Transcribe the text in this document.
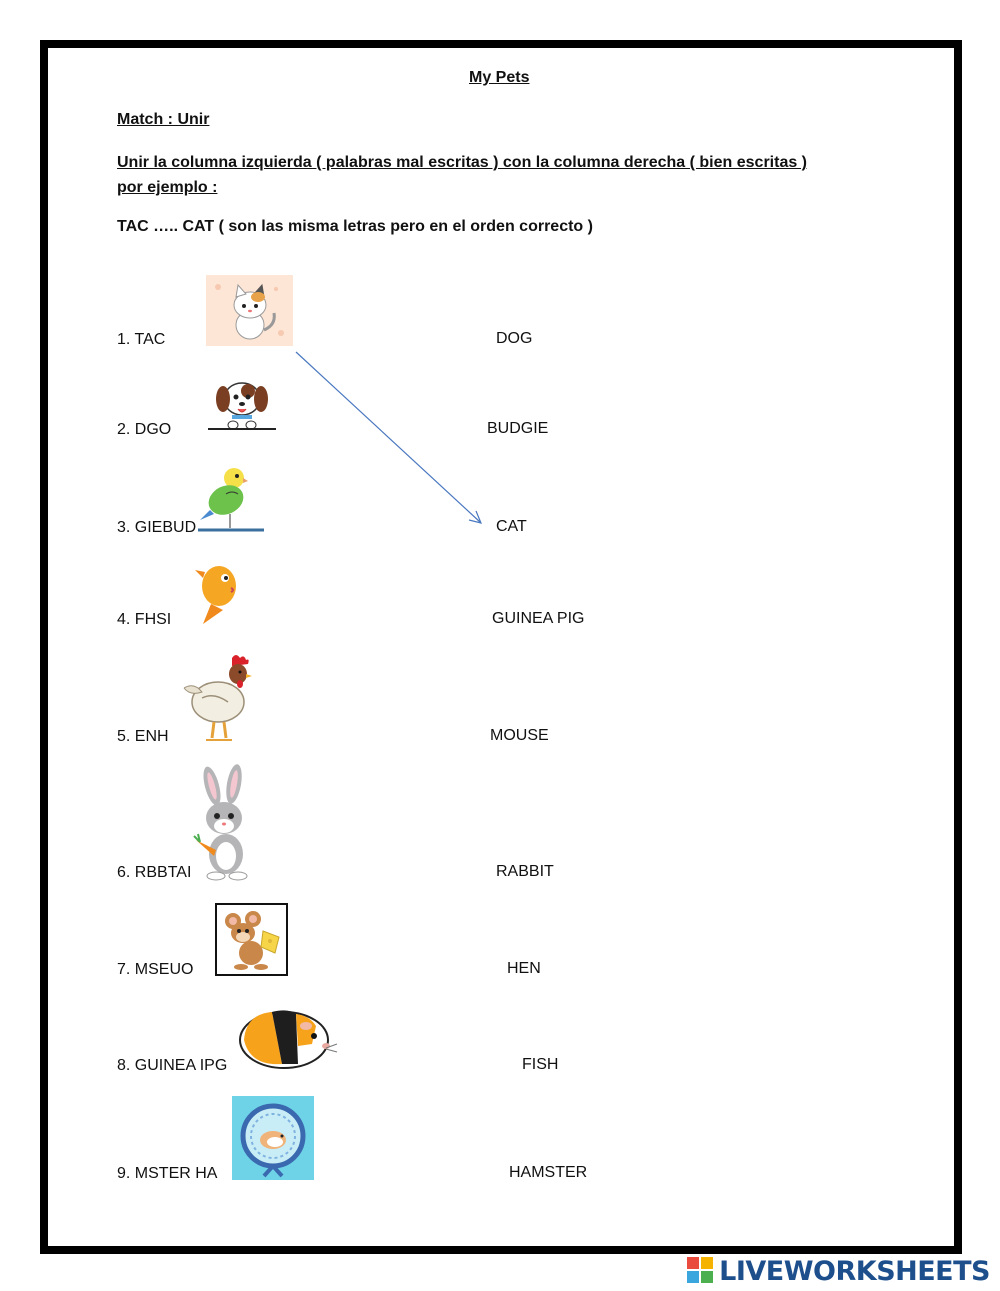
My Pets
Match : Unir
Unir la columna izquierda ( palabras mal escritas ) con la columna derecha ( bien escritas ) por ejemplo :
TAC ….. CAT ( son las misma letras pero en el orden correcto )
1. TAC	DOG
2. DGO	BUDGIE
3. GIEBUD	CAT
4. FHSI	GUINEA PIG
5. ENH	MOUSE
6. RBBTAI	RABBIT
7. MSEUO	HEN
8. GUINEA IPG	FISH
9. MSTER HA	HAMSTER
LIVEWORKSHEETS
